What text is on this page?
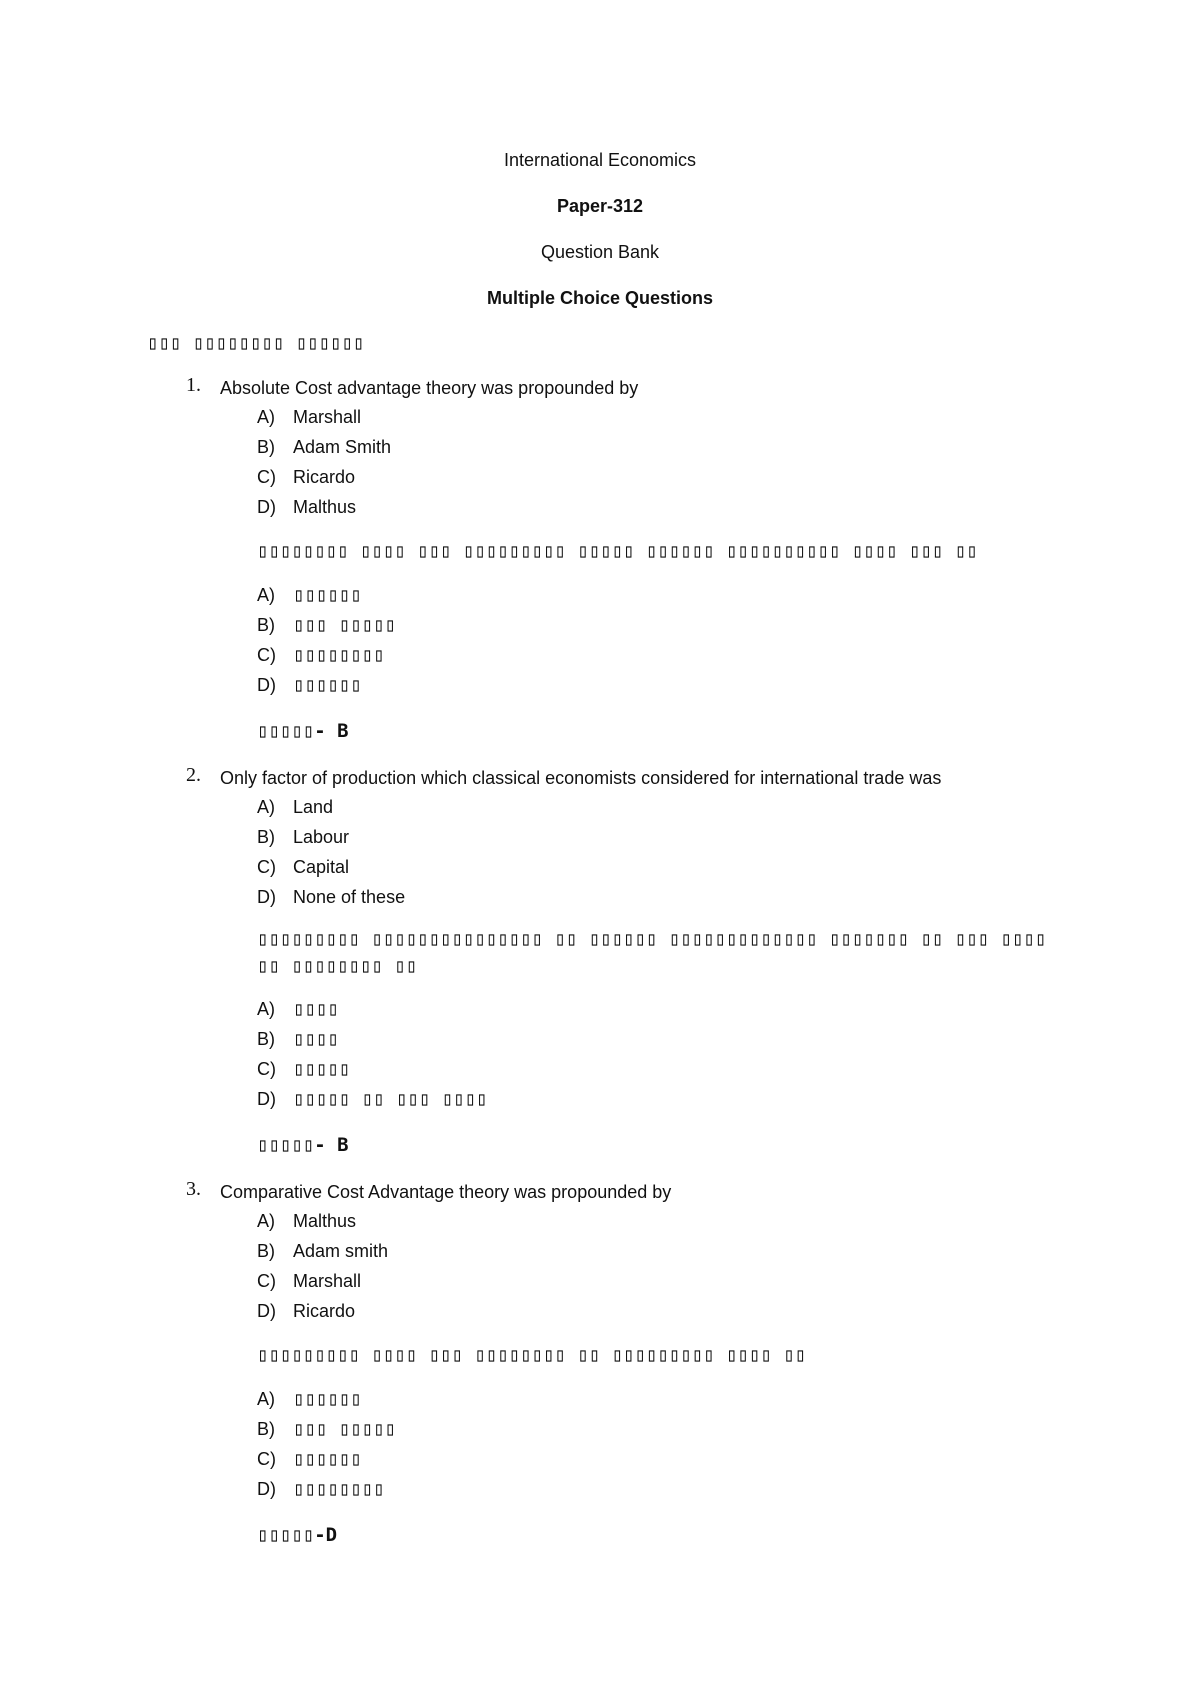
International Economics
Paper-312
Question Bank
Multiple Choice Questions
▯▯▯ ▯▯▯▯▯▯▯▯ ▯▯▯▯▯▯
1. Absolute Cost advantage theory was propounded by
A) Marshall
B) Adam Smith
C) Ricardo
D) Malthus
▯▯▯▯▯▯▯▯ ▯▯▯▯ ▯▯▯ ▯▯▯▯▯▯▯▯▯ ▯▯▯▯▯ ▯▯▯▯▯▯ ▯▯▯▯▯▯▯▯▯▯ ▯▯▯▯ ▯▯▯ ▯▯
A) ▯▯▯▯▯▯
B) ▯▯▯ ▯▯▯▯▯
C) ▯▯▯▯▯▯▯▯
D) ▯▯▯▯▯▯
▯▯▯▯▯- B
2. Only factor of production which classical economists considered for international trade was
A) Land
B) Labour
C) Capital
D) None of these
▯▯▯▯▯▯▯▯▯ ▯▯▯▯▯▯▯▯▯▯▯▯▯▯▯ ▯▯ ▯▯▯▯▯▯ ▯▯▯▯▯▯▯▯▯▯▯▯▯ ▯▯▯▯▯▯▯ ▯▯ ▯▯▯ ▯▯▯▯
▯▯ ▯▯▯▯▯▯▯▯ ▯▯
A) ▯▯▯▯
B) ▯▯▯▯
C) ▯▯▯▯▯
D) ▯▯▯▯▯ ▯▯ ▯▯▯ ▯▯▯▯
▯▯▯▯▯- B
3. Comparative Cost Advantage theory was propounded by
A) Malthus
B) Adam smith
C) Marshall
D) Ricardo
▯▯▯▯▯▯▯▯▯ ▯▯▯▯ ▯▯▯ ▯▯▯▯▯▯▯▯ ▯▯ ▯▯▯▯▯▯▯▯▯ ▯▯▯▯ ▯▯
A) ▯▯▯▯▯▯
B) ▯▯▯ ▯▯▯▯▯
C) ▯▯▯▯▯▯
D) ▯▯▯▯▯▯▯▯
▯▯▯▯▯-D
